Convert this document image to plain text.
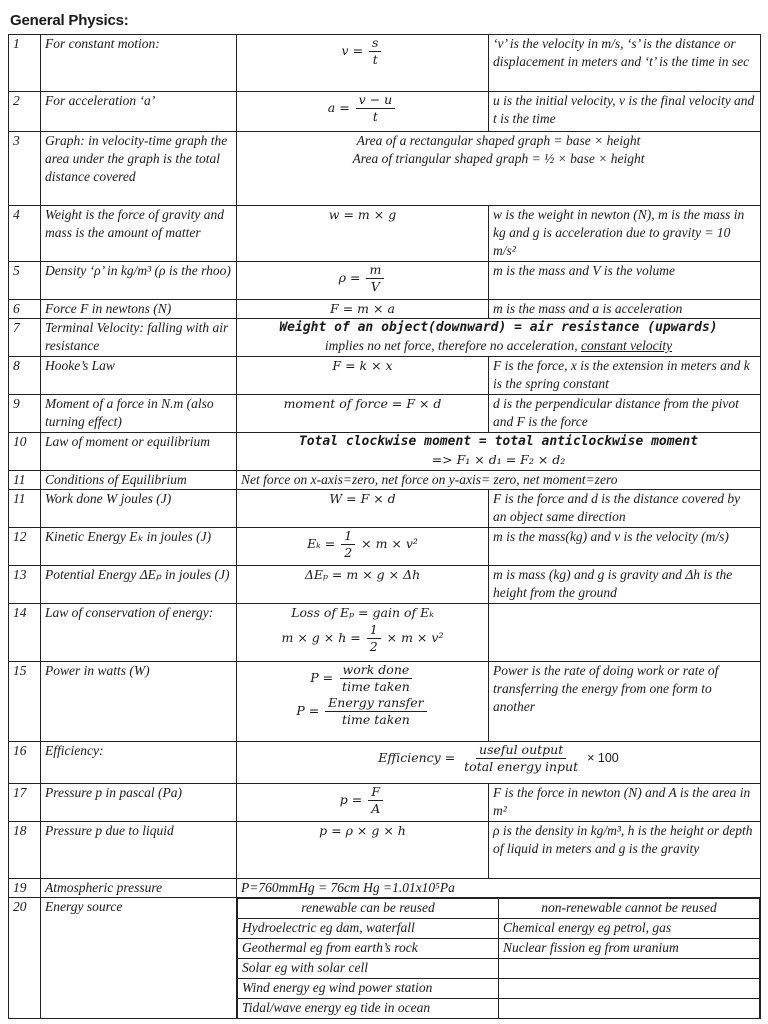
General Physics:
1	For constant motion:	$v = \frac{s}{t}$	‘v’ is the velocity in m/s, ‘s’ is the distance or displacement in meters and ‘t’ is the time in sec
2	For acceleration ‘a’	$a = \frac{v - u}{t}$	u is the initial velocity, v is the final velocity and t is the time
3	Graph: in velocity-time graph the area under the graph is the total distance covered	
Area of a rectangular shaped graph = base × height
Area of triangular shaped graph = ½ × base × height

4	Weight is the force of gravity and mass is the amount of matter	w = m × g	w is the weight in newton (N), m is the mass in kg and g is acceleration due to gravity = 10 m/s²
5	Density ‘ρ’ in kg/m³ (ρ is the rhoo)	$\rho = \frac{m}{V}$	m is the mass and V is the volume
6	Force F in newtons (N)	F = m × a	m is the mass and a is acceleration
7	Terminal Velocity: falling with air resistance	
Weight of an object(downward) = air resistance (upwards)
implies no net force, therefore no acceleration, constant velocity

8	Hooke’s Law	F = k × x	F is the force, x is the extension in meters and k is the spring constant
9	Moment of a force in N.m (also turning effect)	moment of force = F × d	d is the perpendicular distance from the pivot and F is the force
10	Law of moment or equilibrium	Total clockwise moment = total anticlockwise moment
=> F₁ × d₁ = F₂ × d₂

11	Conditions of Equilibrium	Net force on x-axis=zero, net force on y-axis= zero, net moment=zero
11	Work done W joules (J)	W = F × d	F is the force and d is the distance covered by an object same direction
12	Kinetic Energy Eₖ in joules (J)	$E_k = \frac{1}{2} \times m \times v^2$	m is the mass(kg) and v is the velocity (m/s)
13	Potential Energy ΔEₚ in joules (J)	ΔEₚ = m × g × Δh	m is mass (kg) and g is gravity and Δh is the height from the ground
14	Law of conservation of energy:	Loss of Eₚ = gain of Eₖ
$m \times g \times h = \frac{1}{2} \times m \times v^2$

15	Power in watts (W)	$P = \frac{\text{work done}}{\text{time taken}}$
$P = \frac{\text{Energy ransfer}}{\text{time taken}}$
	Power is the rate of doing work or rate of transferring the energy from one form to another
16	Efficiency:	Efficiency = $\frac{\text{useful output}}{\text{total energy input}} \times 100$
17	Pressure p in pascal (Pa)	$p = \frac{F}{A}$	F is the force in newton (N) and A is the area in m²
18	Pressure p due to liquid	p = ρ × g × h	ρ is the density in kg/m³, h is the height or depth of liquid in meters and g is the gravity
19	Atmospheric pressure	P=760mmHg = 76cm Hg =1.01x10⁵Pa
20	Energy source		renewable can be reused	non-renewable cannot be reused
Hydroelectric eg dam, waterfall	Chemical energy eg petrol, gas
Geothermal eg from earth’s rock	Nuclear fission eg from uranium
Solar eg with solar cell	
Wind energy eg wind power station	
Tidal/wave energy eg tide in ocean	
